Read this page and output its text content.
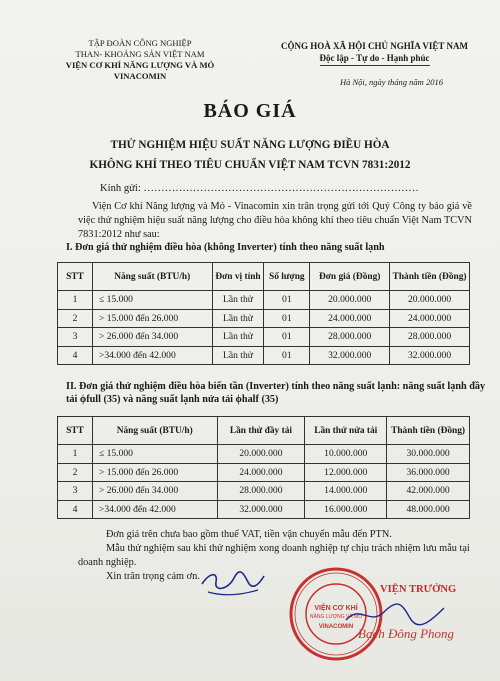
TẬP ĐOÀN CÔNG NGHIỆP
THAN- KHOÁNG SẢN VIỆT NAM
VIỆN CƠ KHÍ NĂNG LƯỢNG VÀ MỎ VINACOMIN
CỘNG HOÀ XÃ HỘI CHỦ NGHĨA VIỆT NAM
Độc lập - Tự do - Hạnh phúc
Hà Nội, ngày tháng năm 2016
BÁO GIÁ
THỬ NGHIỆM HIỆU SUẤT NĂNG LƯỢNG ĐIỀU HÒA
KHÔNG KHÍ THEO TIÊU CHUẨN VIỆT NAM TCVN 7831:2012
Kính gửi: ……………………………………………………………………
Viện Cơ khí Năng lượng và Mỏ - Vinacomin xin trân trọng gửi tới Quý Công ty báo giá về việc thử nghiệm hiệu suất năng lượng cho điều hòa không khí theo tiêu chuẩn Việt Nam TCVN 7831:2012 như sau:
I. Đơn giá thử nghiệm điều hòa (không Inverter) tính theo năng suất lạnh
STT	Năng suất (BTU/h)	Đơn vị tính	Số lượng	Đơn giá (Đồng)	Thành tiền (Đồng)
1	≤ 15.000	Lần thử	01	20.000.000	20.000.000
2	> 15.000 đến 26.000	Lần thử	01	24.000.000	24.000.000
3	> 26.000 đến 34.000	Lần thử	01	28.000.000	28.000.000
4	>34.000 đến 42.000	Lần thử	01	32.000.000	32.000.000
II. Đơn giá thử nghiệm điều hòa biến tần (Inverter) tính theo năng suất lạnh: năng suất lạnh đầy tải ϕfull (35) và năng suất lạnh nửa tải ϕhalf (35)
STT	Năng suất (BTU/h)	Lần thử đầy tải	Lần thử nửa tải	Thành tiền (Đồng)
1	≤ 15.000	20.000.000	10.000.000	30.000.000
2	> 15.000 đến 26.000	24.000.000	12.000.000	36.000.000
3	> 26.000 đến 34.000	28.000.000	14.000.000	42.000.000
4	>34.000 đến 42.000	32.000.000	16.000.000	48.000.000
Đơn giá trên chưa bao gồm thuế VAT, tiền vận chuyển mẫu đến PTN.
Mẫu thử nghiệm sau khi thử nghiệm xong doanh nghiệp tự chịu trách nhiệm lưu mẫu tại doanh nghiệp.
Xin trân trọng cảm ơn.
VIỆN CƠ KHÍ
NĂNG LƯỢNG VÀ MỎ
VINACOMIN
VIỆN TRƯỞNG
Bạch Đông Phong
